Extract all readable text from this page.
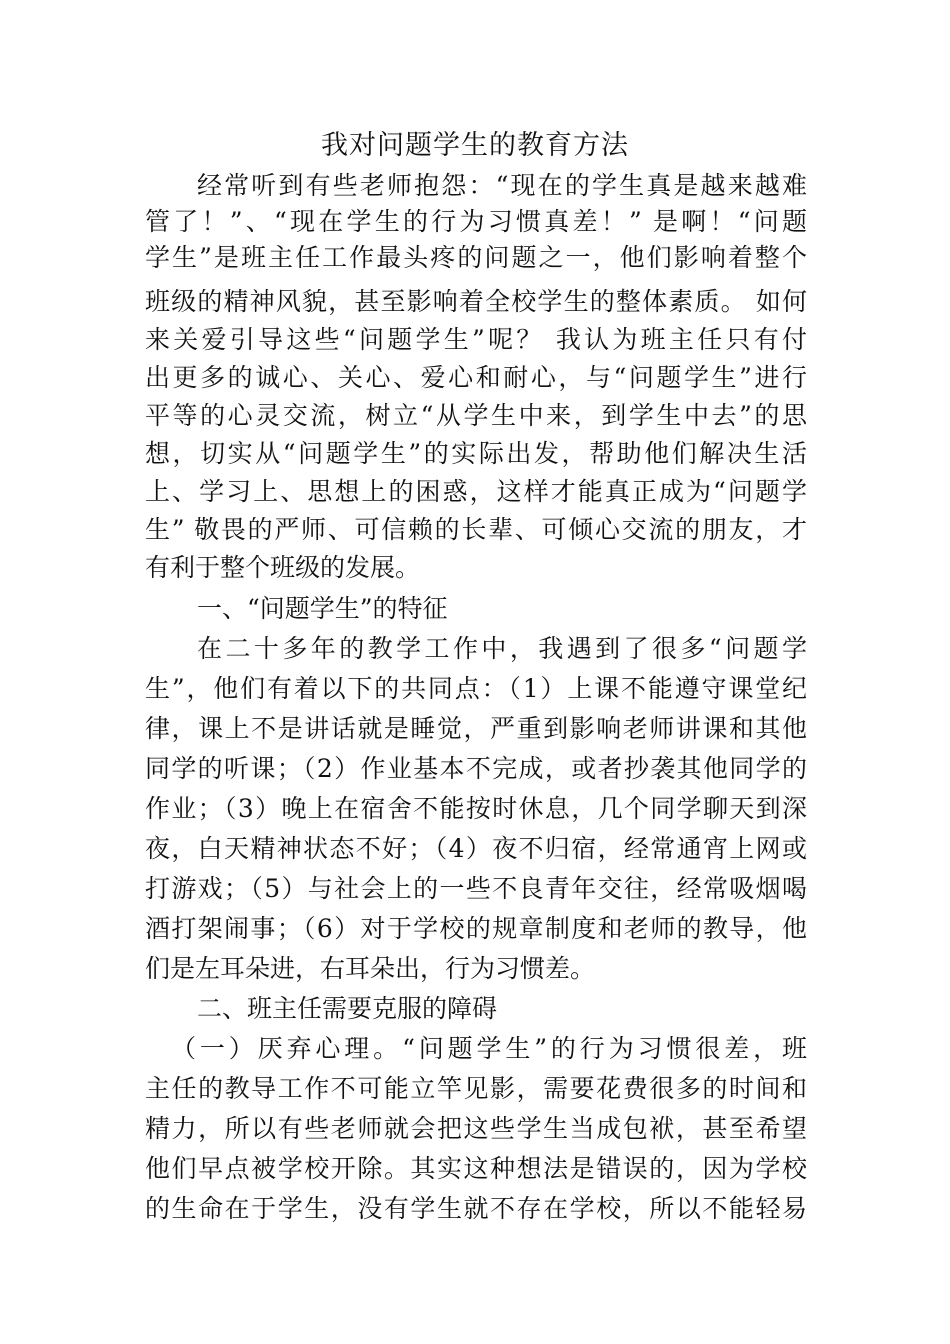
我对问题学生的教育方法
经常听到有些老师抱怨：“现在的学生真是越来越难
管了！”、“现在学生的行为习惯真差！” 是啊！“问题
学生”是班主任工作最头疼的问题之一，他们影响着整个
班级的精神风貌，甚至影响着全校学生的整体素质。 如何
来关爱引导这些“问题学生”呢？ 我认为班主任只有付
出更多的诚心、关心、爱心和耐心，与“问题学生”进行
平等的心灵交流，树立“从学生中来，到学生中去”的思
想，切实从“问题学生”的实际出发，帮助他们解决生活
上、学习上、思想上的困惑，这样才能真正成为“问题学
生” 敬畏的严师、可信赖的长辈、可倾心交流的朋友，才
有利于整个班级的发展。
一、“问题学生”的特征
在二十多年的教学工作中，我遇到了很多“问题学
生”，他们有着以下的共同点：（1）上课不能遵守课堂纪
律，课上不是讲话就是睡觉，严重到影响老师讲课和其他
同学的听课；（2）作业基本不完成，或者抄袭其他同学的
作业；（3）晚上在宿舍不能按时休息，几个同学聊天到深
夜，白天精神状态不好；（4）夜不归宿，经常通宵上网或
打游戏；（5）与社会上的一些不良青年交往，经常吸烟喝
酒打架闹事；（6）对于学校的规章制度和老师的教导，他
们是左耳朵进，右耳朵出，行为习惯差。
二、班主任需要克服的障碍
（一）厌弃心理。“问题学生”的行为习惯很差，班
主任的教导工作不可能立竿见影，需要花费很多的时间和
精力，所以有些老师就会把这些学生当成包袱，甚至希望
他们早点被学校开除。其实这种想法是错误的，因为学校
的生命在于学生，没有学生就不存在学校，所以不能轻易
